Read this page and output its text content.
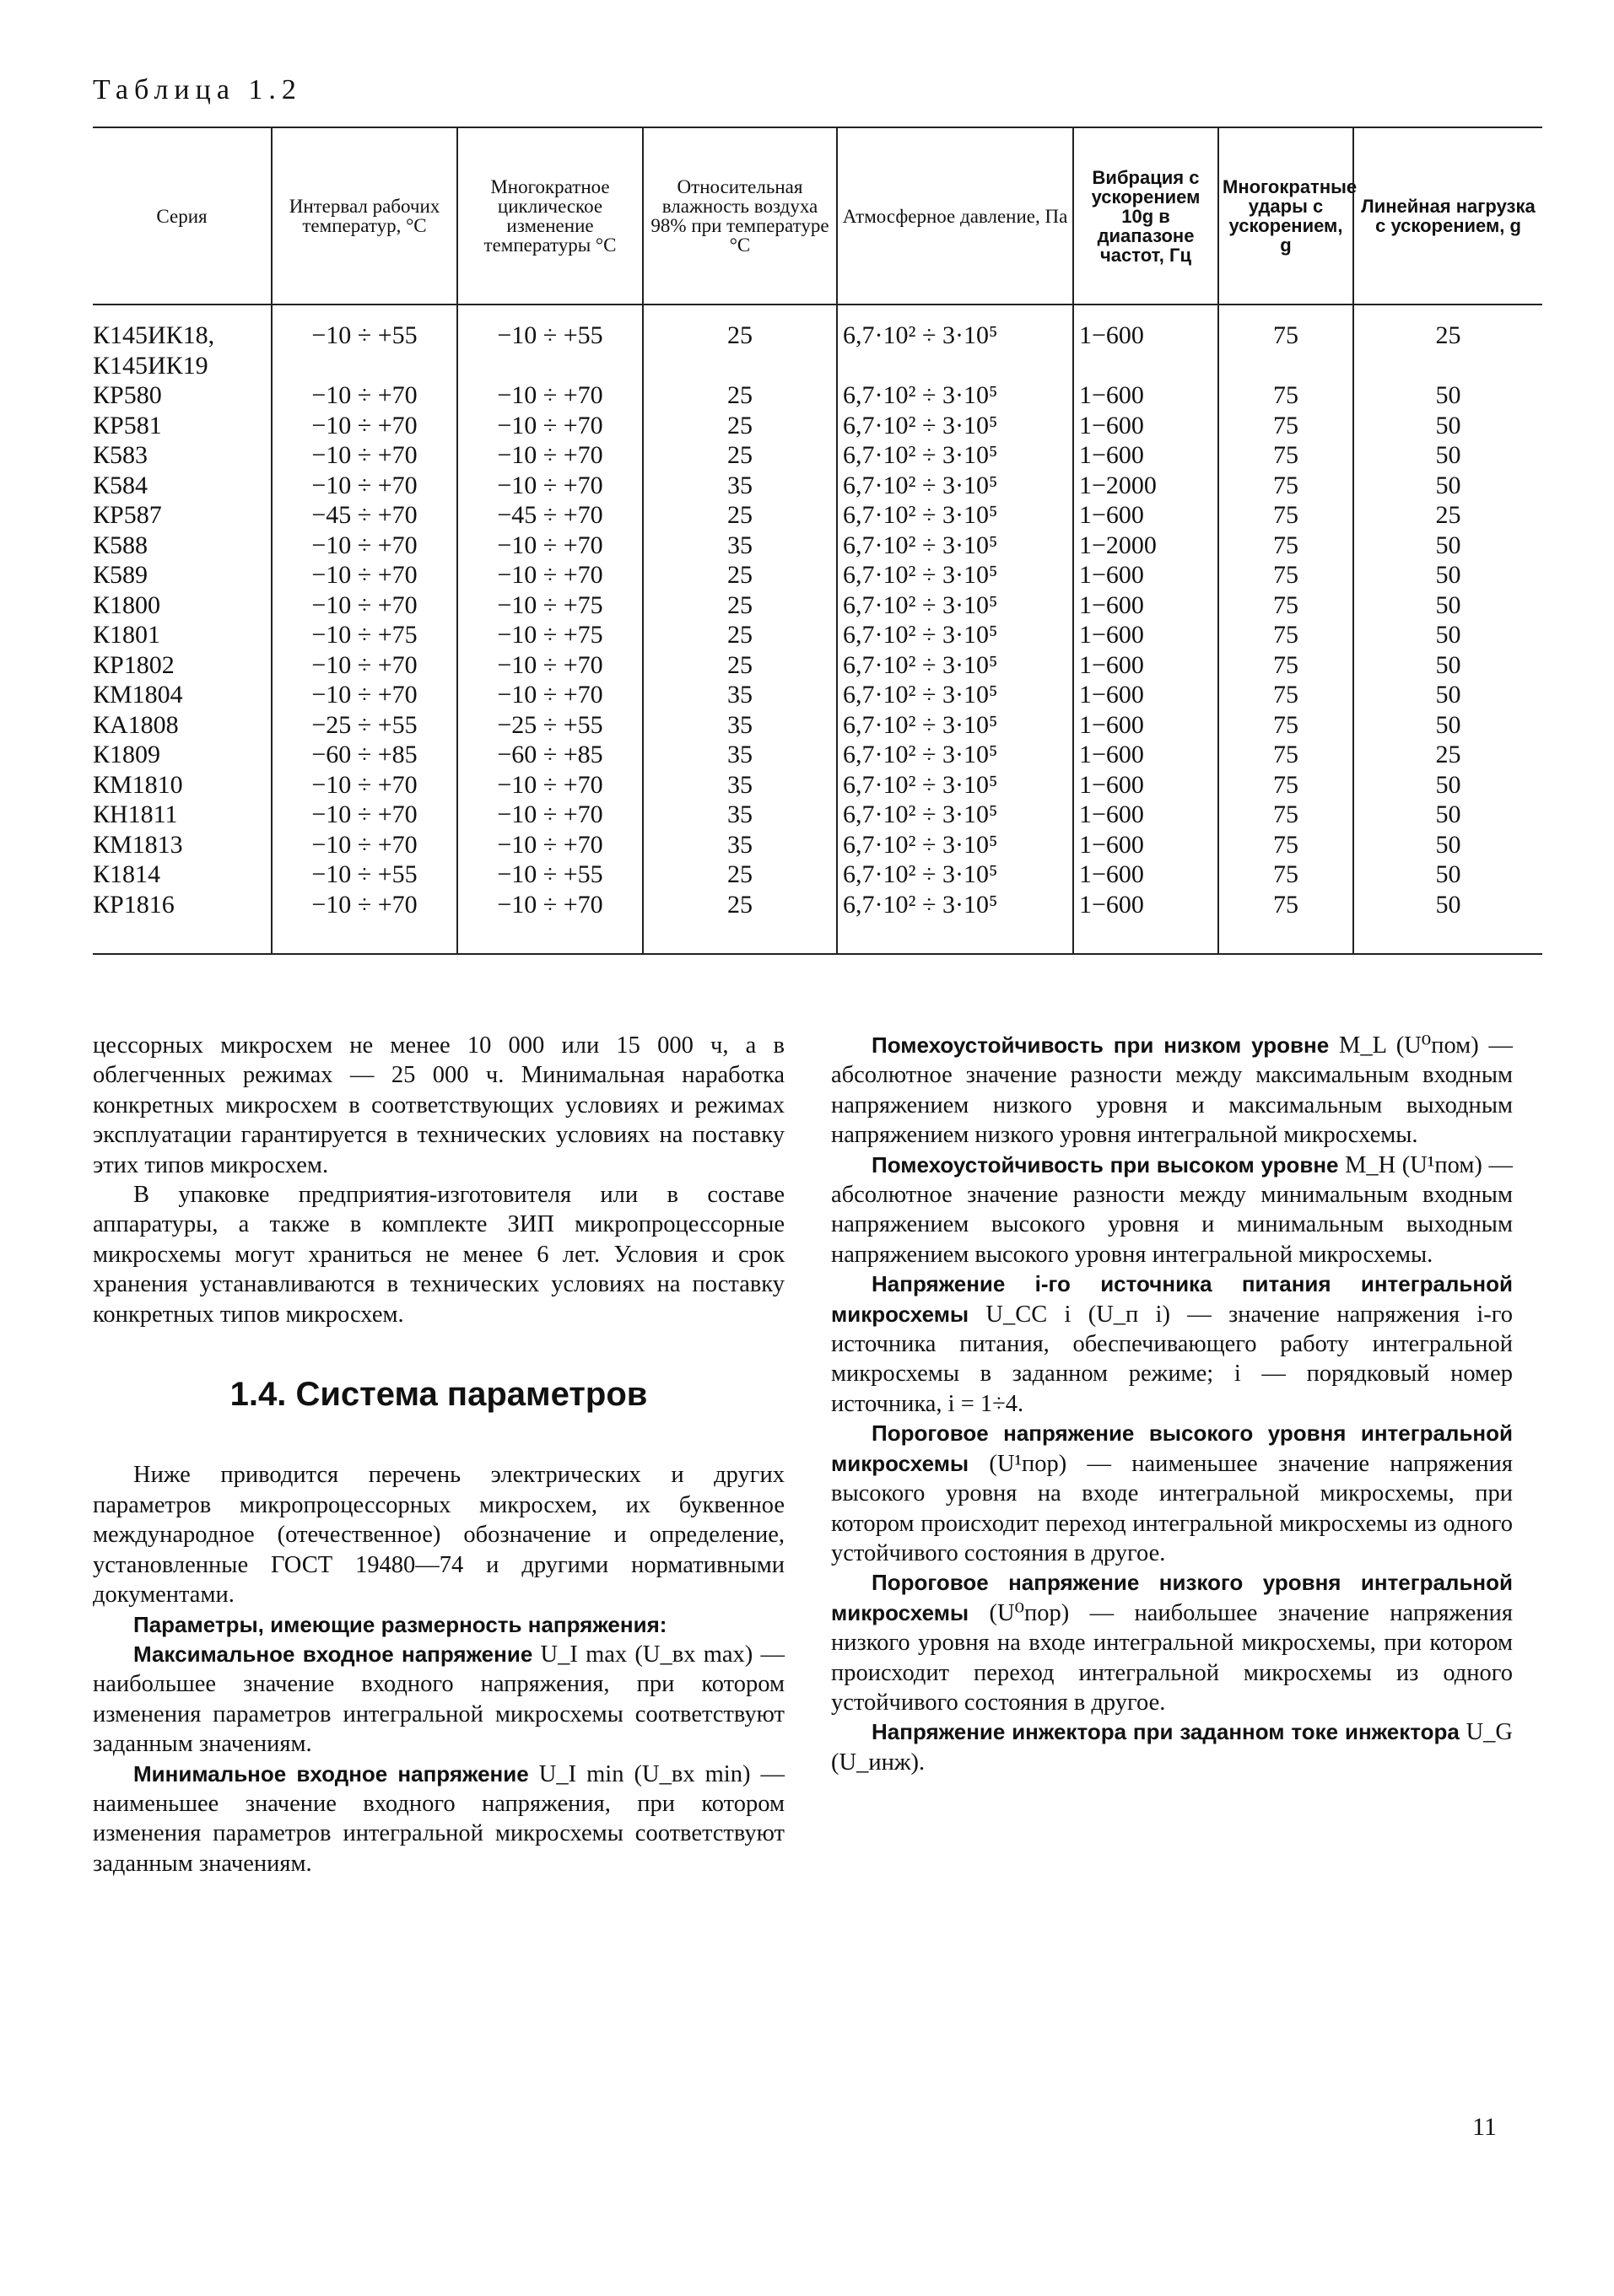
Таблица 1.2
Серия	Интервал рабочих температур, °С	Многократное циклическое изменение температуры °С	Относительная влажность воздуха 98% при температуре °С	Атмосферное давление, Па	Вибрация с ускорением 10g в диапазоне частот, Гц	Многократные удары с ускорением, g	Линейная нагрузка с ускорением, g
К145ИК18, К145ИК19	−10 ÷ +55	−10 ÷ +55	25	6,7·10² ÷ 3·10⁵	1−600	75	25
КР580	−10 ÷ +70	−10 ÷ +70	25	6,7·10² ÷ 3·10⁵	1−600	75	50
КР581	−10 ÷ +70	−10 ÷ +70	25	6,7·10² ÷ 3·10⁵	1−600	75	50
К583	−10 ÷ +70	−10 ÷ +70	25	6,7·10² ÷ 3·10⁵	1−600	75	50
К584	−10 ÷ +70	−10 ÷ +70	35	6,7·10² ÷ 3·10⁵	1−2000	75	50
КР587	−45 ÷ +70	−45 ÷ +70	25	6,7·10² ÷ 3·10⁵	1−600	75	25
К588	−10 ÷ +70	−10 ÷ +70	35	6,7·10² ÷ 3·10⁵	1−2000	75	50
К589	−10 ÷ +70	−10 ÷ +70	25	6,7·10² ÷ 3·10⁵	1−600	75	50
К1800	−10 ÷ +70	−10 ÷ +75	25	6,7·10² ÷ 3·10⁵	1−600	75	50
К1801	−10 ÷ +75	−10 ÷ +75	25	6,7·10² ÷ 3·10⁵	1−600	75	50
КР1802	−10 ÷ +70	−10 ÷ +70	25	6,7·10² ÷ 3·10⁵	1−600	75	50
КМ1804	−10 ÷ +70	−10 ÷ +70	35	6,7·10² ÷ 3·10⁵	1−600	75	50
КА1808	−25 ÷ +55	−25 ÷ +55	35	6,7·10² ÷ 3·10⁵	1−600	75	50
К1809	−60 ÷ +85	−60 ÷ +85	35	6,7·10² ÷ 3·10⁵	1−600	75	25
КМ1810	−10 ÷ +70	−10 ÷ +70	35	6,7·10² ÷ 3·10⁵	1−600	75	50
КН1811	−10 ÷ +70	−10 ÷ +70	35	6,7·10² ÷ 3·10⁵	1−600	75	50
КМ1813	−10 ÷ +70	−10 ÷ +70	35	6,7·10² ÷ 3·10⁵	1−600	75	50
К1814	−10 ÷ +55	−10 ÷ +55	25	6,7·10² ÷ 3·10⁵	1−600	75	50
КР1816	−10 ÷ +70	−10 ÷ +70	25	6,7·10² ÷ 3·10⁵	1−600	75	50

цессорных микросхем не менее 10 000 или 15 000 ч, а в облегченных режимах — 25 000 ч. Минимальная наработка конкретных микросхем в соответствующих условиях и режимах эксплуатации гарантируется в технических условиях на поставку этих типов микросхем.

В упаковке предприятия-изготовителя или в составе аппаратуры, а также в комплекте ЗИП микропроцессорные микросхемы могут храниться не менее 6 лет. Условия и срок хранения устанавливаются в технических условиях на поставку конкретных типов микросхем.

1.4. Система параметров

Ниже приводится перечень электрических и других параметров микропроцессорных микросхем, их буквенное международное (отечественное) обозначение и определение, установленные ГОСТ 19480—74 и другими нормативными документами.

Параметры, имеющие размерность напряжения:

Максимальное входное напряжение U_I max (U_вх max) — наибольшее значение входного напряжения, при котором изменения параметров интегральной микросхемы соответствуют заданным значениям.

Минимальное входное напряжение U_I min (U_вх min) — наименьшее значение входного напряжения, при котором изменения параметров интегральной микросхемы соответствуют заданным значениям.

Помехоустойчивость при низком уровне M_L (U⁰пом) — абсолютное значение разности между максимальным входным напряжением низкого уровня и максимальным выходным напряжением низкого уровня интегральной микросхемы.

Помехоустойчивость при высоком уровне M_H (U¹пом) — абсолютное значение разности между минимальным входным напряжением высокого уровня и минимальным выходным напряжением высокого уровня интегральной микросхемы.

Напряжение i-го источника питания интегральной микросхемы U_CC i (U_п i) — значение напряжения i-го источника питания, обеспечивающего работу интегральной микросхемы в заданном режиме; i — порядковый номер источника, i = 1÷4.

Пороговое напряжение высокого уровня интегральной микросхемы (U¹пор) — наименьшее значение напряжения высокого уровня на входе интегральной микросхемы, при котором происходит переход интегральной микросхемы из одного устойчивого состояния в другое.

Пороговое напряжение низкого уровня интегральной микросхемы (U⁰пор) — наибольшее значение напряжения низкого уровня на входе интегральной микросхемы, при котором происходит переход интегральной микросхемы из одного устойчивого состояния в другое.

Напряжение инжектора при заданном токе инжектора U_G (U_инж).

11
